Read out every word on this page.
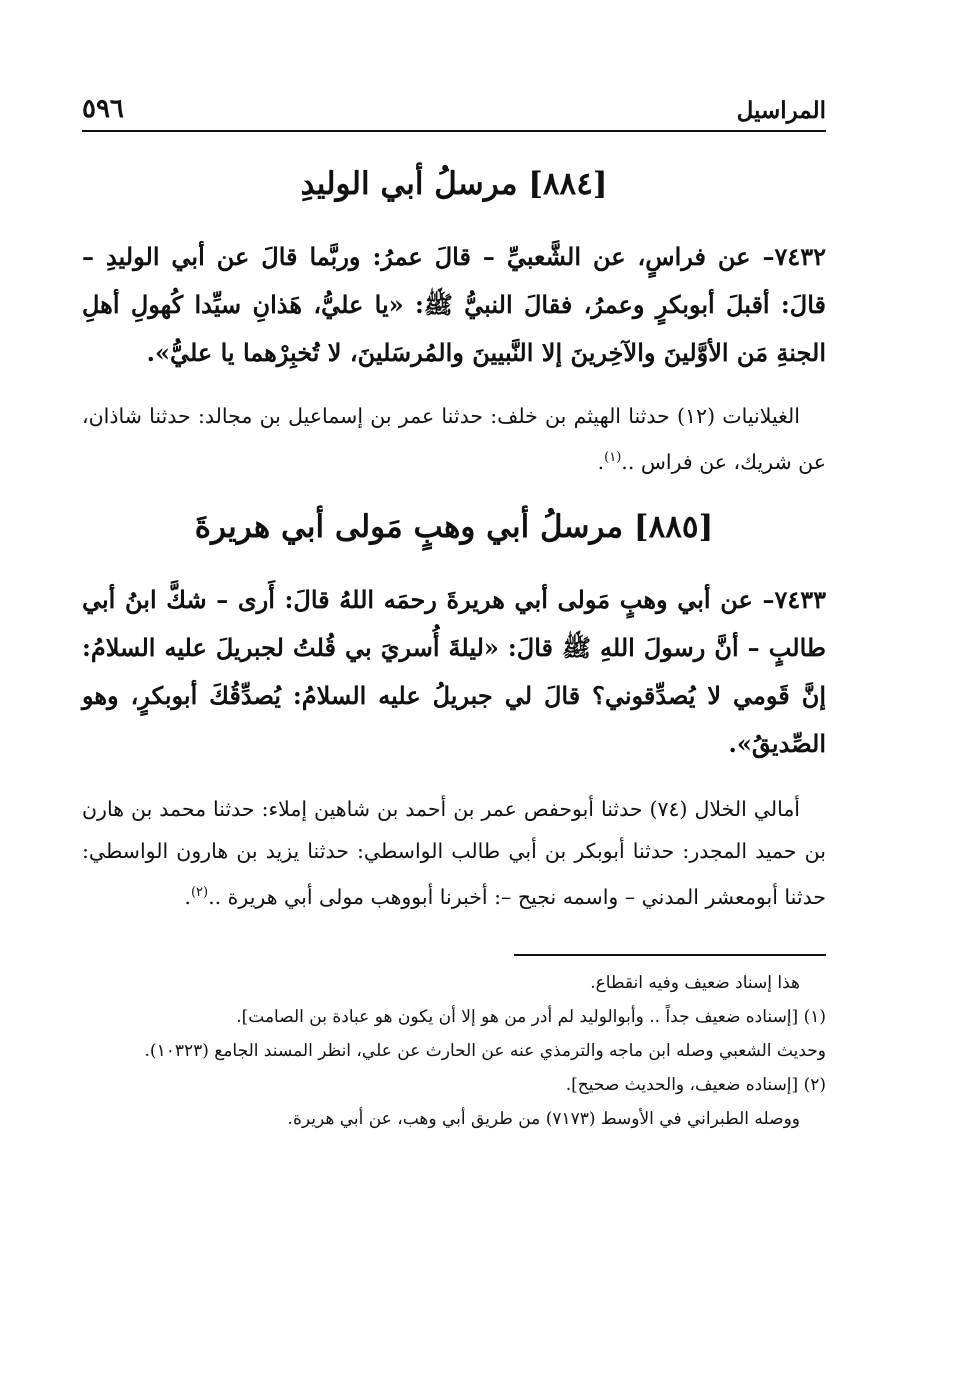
المراسيل
٥٩٦
[٨٨٤] مرسلُ أبي الوليدِ

٧٤٣٢– عن فراسٍ، عن الشَّعبيِّ – قالَ عمرُ: وربَّما قالَ عن أبي الوليدِ – قالَ: أقبلَ أبوبكرٍ وعمرُ، فقالَ النبيُّ ﷺ: «يا عليُّ، هَذانِ سيِّدا كُهولِ أهلِ الجنةِ مَن الأوَّلينَ والآخِرينَ إلا النَّبيينَ والمُرسَلينَ، لا تُخبِرْهما يا عليُّ».

الغيلانيات (١٢) حدثنا الهيثم بن خلف: حدثنا عمر بن إسماعيل بن مجالد: حدثنا شاذان، عن شريك، عن فراس ..$^{(١)}$.

[٨٨٥] مرسلُ أبي وهبٍ مَولى أبي هريرةَ

٧٤٣٣– عن أبي وهبٍ مَولى أبي هريرةَ رحمَه اللهُ قالَ: أَرى – شكَّ ابنُ أبي طالبٍ – أنَّ رسولَ اللهِ ﷺ قالَ: «ليلةَ أُسريَ بي قُلتُ لجبريلَ عليه السلامُ: إنَّ قَومي لا يُصدِّقوني؟ قالَ لي جبريلُ عليه السلامُ: يُصدِّقُكَ أبوبكرٍ، وهو الصِّديقُ».

أمالي الخلال (٧٤) حدثنا أبوحفص عمر بن أحمد بن شاهين إملاء: حدثنا محمد بن هارن بن حميد المجدر: حدثنا أبوبكر بن أبي طالب الواسطي: حدثنا يزيد بن هارون الواسطي: حدثنا أبومعشر المدني – واسمه نجيح –: أخبرنا أبووهب مولى أبي هريرة ..$^{(٢)}$.

هذا إسناد ضعيف وفيه انقطاع.

(١) [إسناده ضعيف جداً .. وأبوالوليد لم أدر من هو إلا أن يكون هو عبادة بن الصامت].

وحديث الشعبي وصله ابن ماجه والترمذي عنه عن الحارث عن علي، انظر المسند الجامع (١٠٣٢٣).

(٢) [إسناده ضعيف، والحديث صحيح].

ووصله الطبراني في الأوسط (٧١٧٣) من طريق أبي وهب، عن أبي هريرة.
